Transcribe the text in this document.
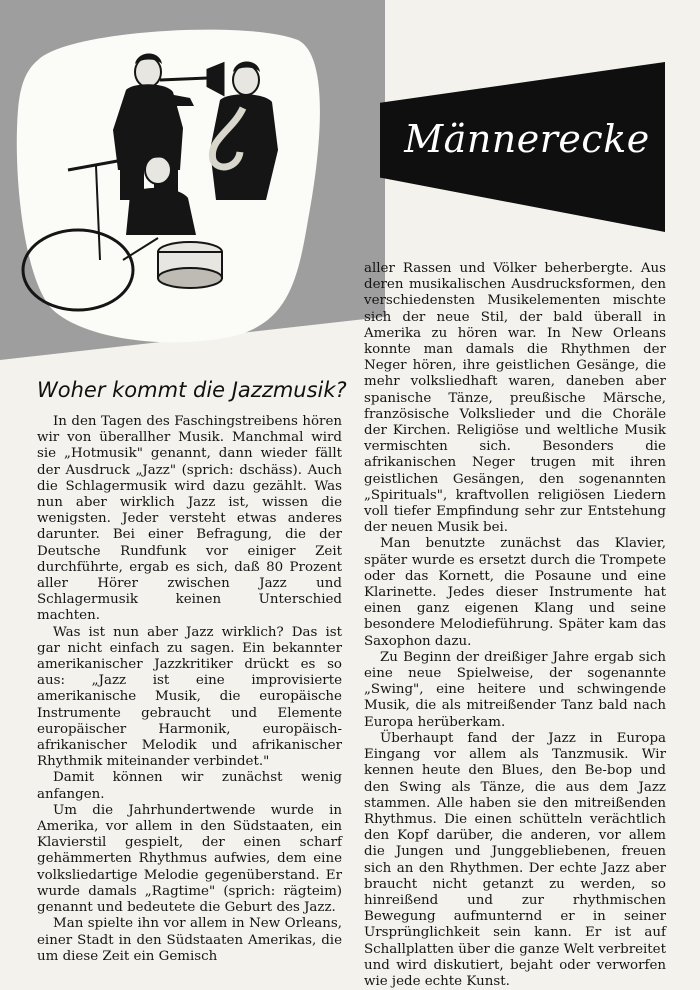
Männerecke
Woher kommt die Jazzmusik?

In den Tagen des Faschingstreibens hören wir von überallher Musik. Manchmal wird sie „Hotmusik" genannt, dann wieder fällt der Ausdruck „Jazz" (sprich: dschäss). Auch die Schlagermusik wird dazu gezählt. Was nun aber wirklich Jazz ist, wissen die wenigsten. Jeder versteht etwas anderes darunter. Bei einer Befragung, die der Deutsche Rundfunk vor einiger Zeit durchführte, ergab es sich, daß 80 Prozent aller Hörer zwischen Jazz und Schlagermusik keinen Unterschied machten.

Was ist nun aber Jazz wirklich? Das ist gar nicht einfach zu sagen. Ein bekannter amerikanischer Jazzkritiker drückt es so aus: „Jazz ist eine improvisierte amerikanische Musik, die europäische Instrumente gebraucht und Elemente europäischer Harmonik, europäisch-afrikanischer Melodik und afrikanischer Rhythmik miteinander verbindet."

Damit können wir zunächst wenig anfangen.

Um die Jahrhundertwende wurde in Amerika, vor allem in den Südstaaten, ein Klavierstil gespielt, der einen scharf gehämmerten Rhythmus aufwies, dem eine volksliedartige Melodie gegenüberstand. Er wurde damals „Ragtime" (sprich: rägteim) genannt und bedeutete die Geburt des Jazz.

Man spielte ihn vor allem in New Orleans, einer Stadt in den Südstaaten Amerikas, die um diese Zeit ein Gemisch

aller Rassen und Völker beherbergte. Aus deren musikalischen Ausdrucksformen, den verschiedensten Musikelementen mischte sich der neue Stil, der bald überall in Amerika zu hören war. In New Orleans konnte man damals die Rhythmen der Neger hören, ihre geistlichen Gesänge, die mehr volksliedhaft waren, daneben aber spanische Tänze, preußische Märsche, französische Volkslieder und die Choräle der Kirchen. Religiöse und weltliche Musik vermischten sich. Besonders die afrikanischen Neger trugen mit ihren geistlichen Gesängen, den sogenannten „Spirituals", kraftvollen religiösen Liedern voll tiefer Empfindung sehr zur Entstehung der neuen Musik bei.

Man benutzte zunächst das Klavier, später wurde es ersetzt durch die Trompete oder das Kornett, die Posaune und eine Klarinette. Jedes dieser Instrumente hat einen ganz eigenen Klang und seine besondere Melodieführung. Später kam das Saxophon dazu.

Zu Beginn der dreißiger Jahre ergab sich eine neue Spielweise, der sogenannte „Swing", eine heitere und schwingende Musik, die als mitreißender Tanz bald nach Europa herüberkam.

Überhaupt fand der Jazz in Europa Eingang vor allem als Tanzmusik. Wir kennen heute den Blues, den Be-bop und den Swing als Tänze, die aus dem Jazz stammen. Alle haben sie den mitreißenden Rhythmus. Die einen schütteln verächtlich den Kopf darüber, die anderen, vor allem die Jungen und Junggebliebenen, freuen sich an den Rhythmen. Der echte Jazz aber braucht nicht getanzt zu werden, so hinreißend und zur rhythmischen Bewegung aufmunternd er in seiner Ursprünglichkeit sein kann. Er ist auf Schallplatten über die ganze Welt verbreitet und wird diskutiert, bejaht oder verworfen wie jede echte Kunst.
